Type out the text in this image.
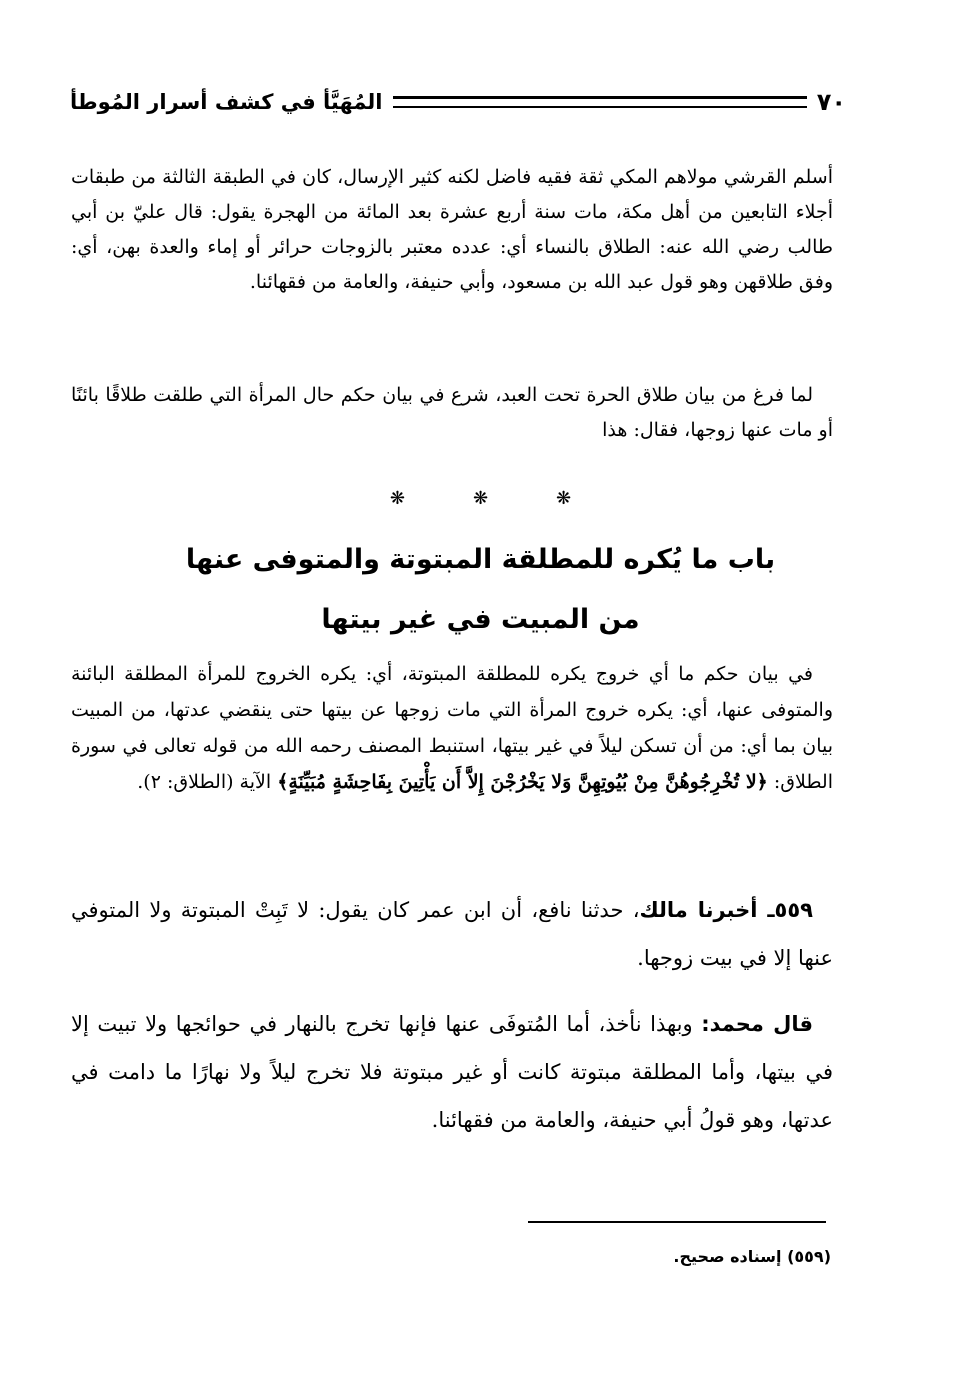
٧٠
المُهَيَّأ في كشف أسرار المُوطأ

أسلم القرشي مولاهم المكي ثقة فقيه فاضل لكنه كثير الإرسال، كان في الطبقة الثالثة من طبقات أجلاء التابعين من أهل مكة، مات سنة أربع عشرة بعد المائة من الهجرة يقول: قال عليّ بن أبي طالب رضي الله عنه: الطلاق بالنساء أي: عدده معتبر بالزوجات حرائر أو إماء والعدة بهن، أي: وفق طلاقهن وهو قول عبد الله بن مسعود، وأبي حنيفة، والعامة من فقهائنا.

لما فرغ من بيان طلاق الحرة تحت العبد، شرع في بيان حكم حال المرأة التي طلقت طلاقًا بائنًا أو مات عنها زوجها، فقال: هذا

❋	❋	❋
باب ما يُكره للمطلقة المبتوتة والمتوفى عنها
من المبيت في غير بيتها

في بيان حكم ما أي خروج يكره للمطلقة المبتوتة، أي: يكره الخروج للمرأة المطلقة البائنة والمتوفى عنها، أي: يكره خروج المرأة التي مات زوجها عن بيتها حتى ينقضي عدتها، من المبيت بيان بما أي: من أن تسكن ليلاً في غير بيتها، استنبط المصنف رحمه الله من قوله تعالى في سورة الطلاق: ﴿لا تُخْرِجُوهُنَّ مِنْ بُيُوتِهِنَّ وَلا يَخْرُجْنَ إِلاَّ أَن يَأْتِينَ بِفَاحِشَةٍ مُبَيِّنَةٍ﴾ الآية (الطلاق: ٢).

٥٥٩ـ أخبرنا مالك، حدثنا نافع، أن ابن عمر كان يقول: لا تَبِتْ المبتوتة ولا المتوفي عنها إلا في بيت زوجها.

قال محمد: وبهذا نأخذ، أما المُتوفَى عنها فإنها تخرج بالنهار في حوائجها ولا تبيت إلا في بيتها، وأما المطلقة مبتوتة كانت أو غير مبتوتة فلا تخرج ليلاً ولا نهارًا ما دامت في عدتها، وهو قولُ أبي حنيفة، والعامة من فقهائنا.

(٥٥٩) إسناده صحيح.
